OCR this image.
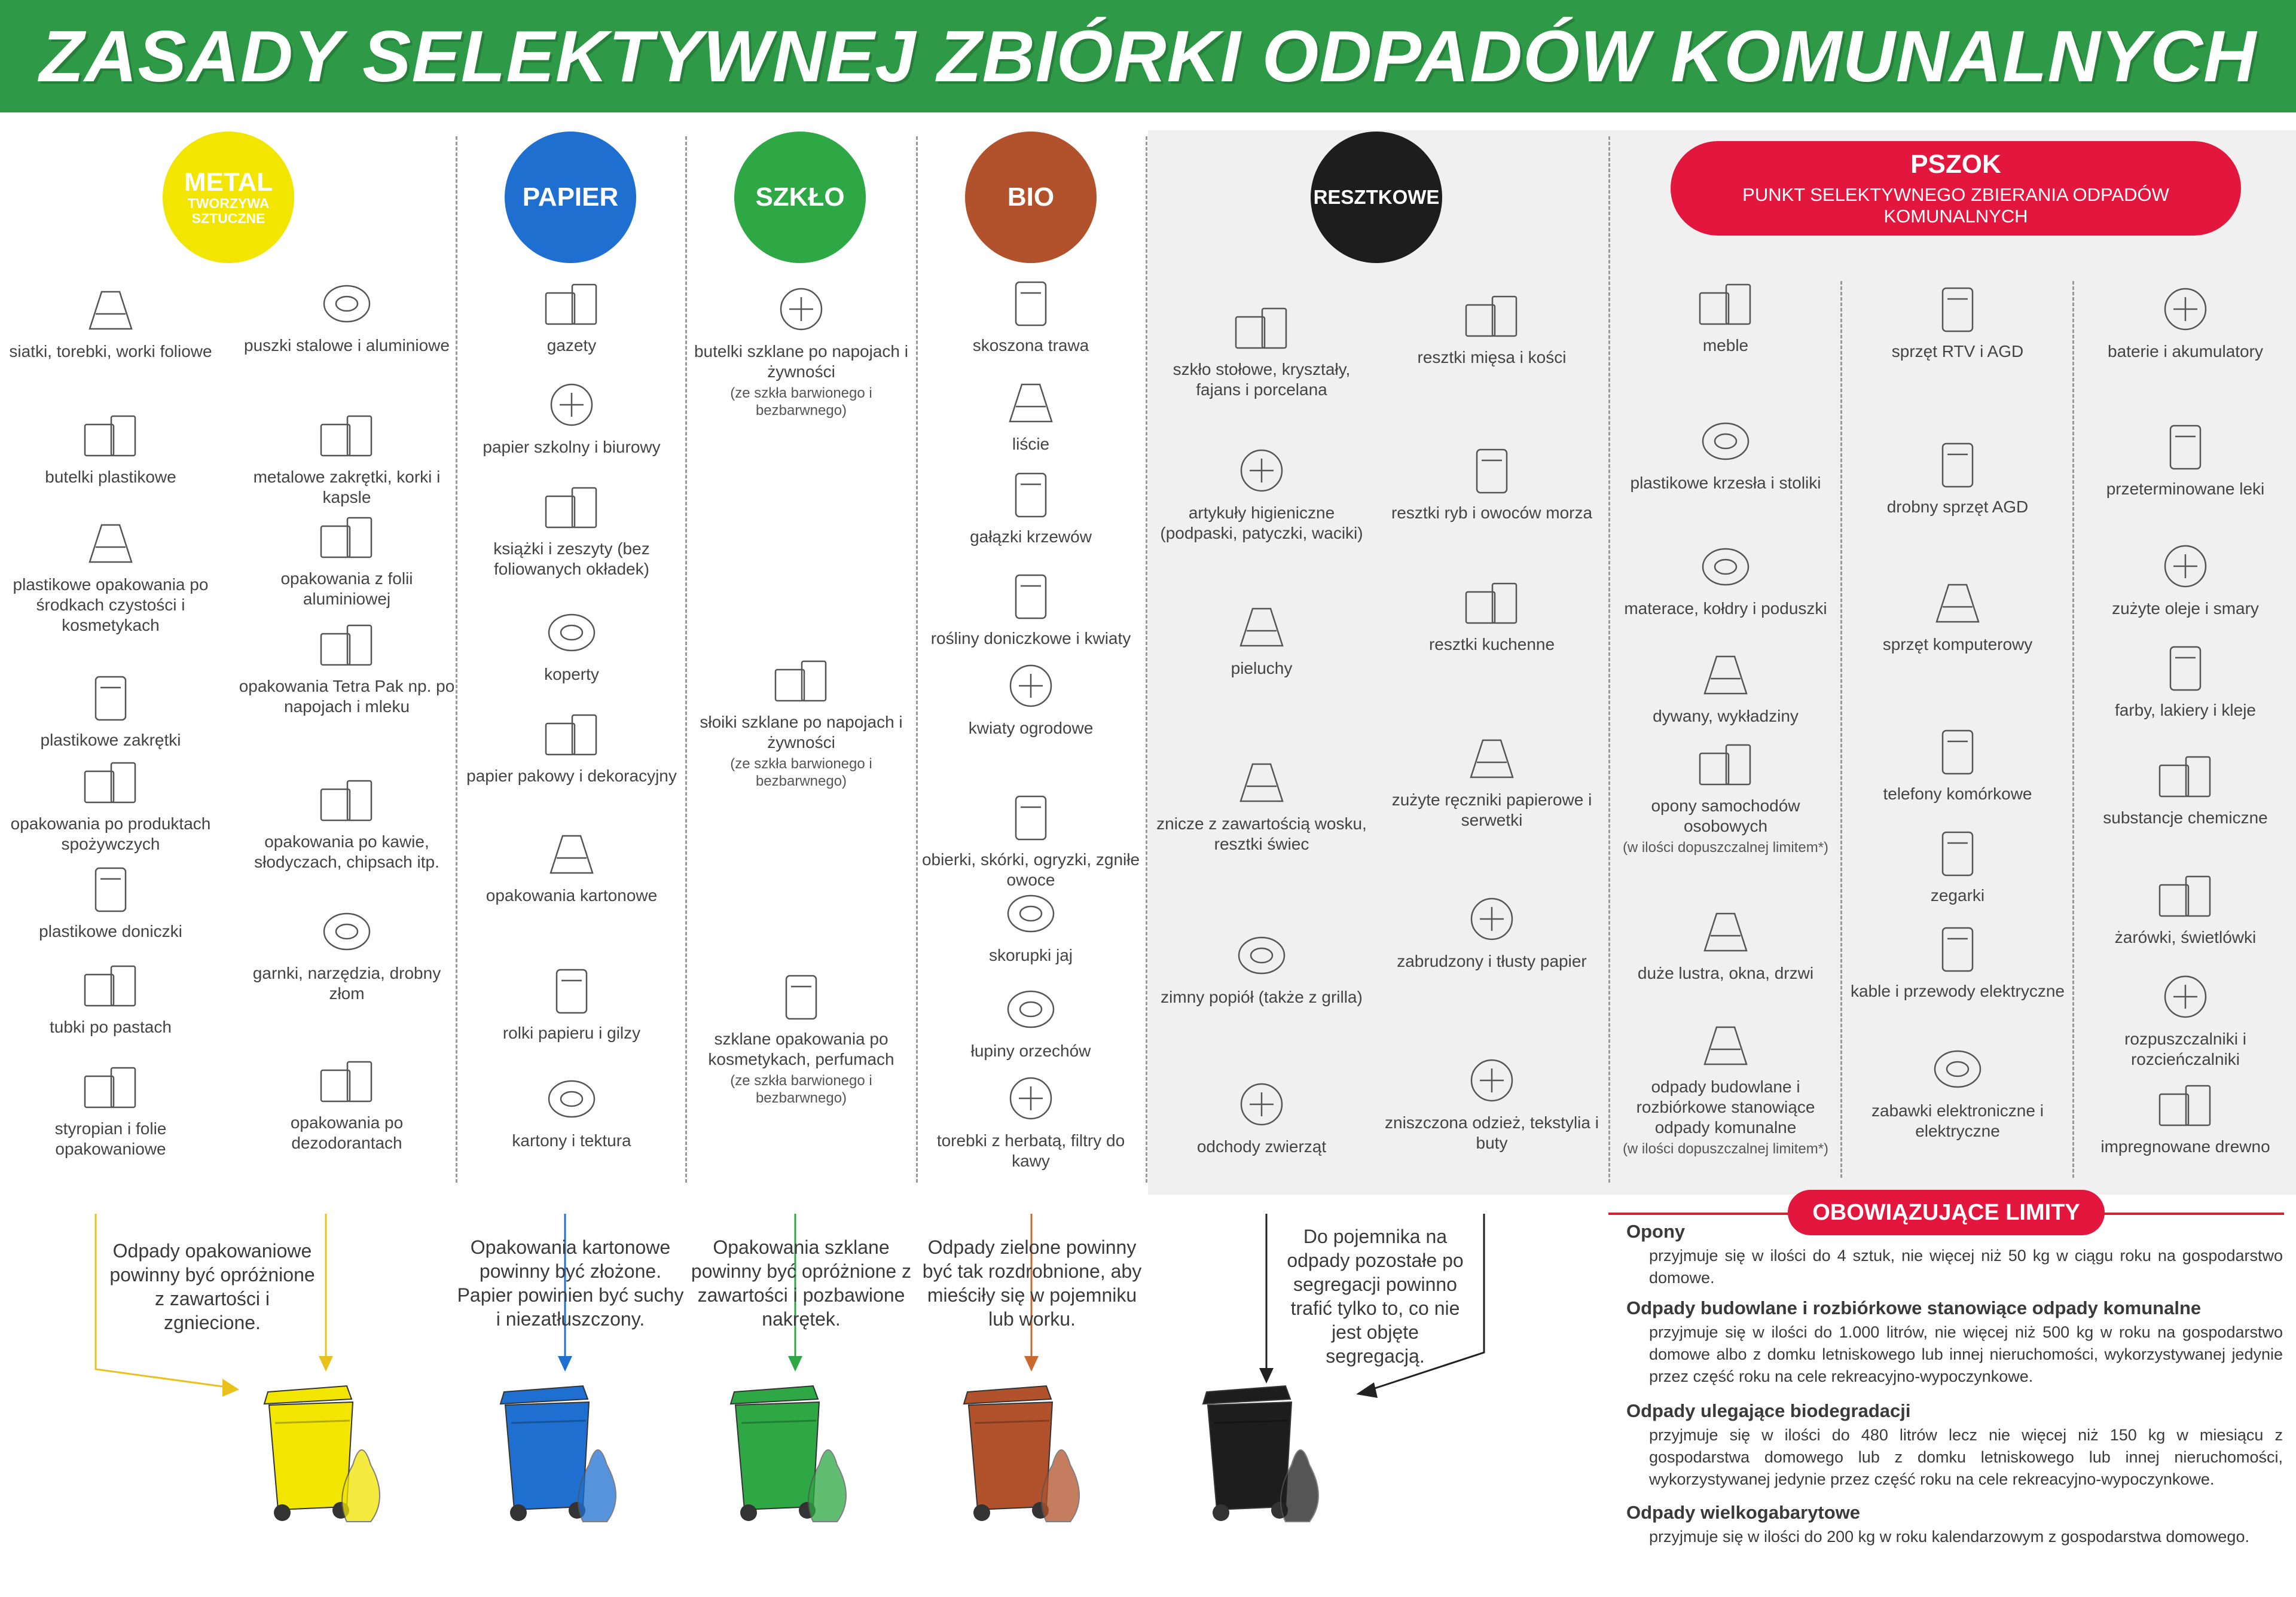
ZASADY SELEKTYWNEJ ZBIÓRKI ODPADÓW KOMUNALNYCH
METAL
TWORZYWA SZTUCZNE
PAPIER	SZKŁO	BIO	RESZTKOWE
PSZOK
PUNKT SELEKTYWNEGO ZBIERANIA ODPADÓW KOMUNALNYCH
siatki, torebki, worki foliowe
butelki plastikowe
plastikowe opakowania po środkach czystości i kosmetykach
plastikowe zakrętki
opakowania po produktach spożywczych
plastikowe doniczki
tubki po pastach
styropian i folie opakowaniowe
puszki stalowe i aluminiowe
metalowe zakrętki, korki i kapsle
opakowania z folii aluminiowej
opakowania Tetra Pak np. po napojach i mleku
opakowania po kawie, słodyczach, chipsach itp.
garnki, narzędzia, drobny złom
opakowania po dezodorantach
gazety
papier szkolny i biurowy
książki i zeszyty (bez foliowanych okładek)
koperty
papier pakowy i dekoracyjny
opakowania kartonowe
rolki papieru i gilzy
kartony i tektura
butelki szklane po napojach i żywności
(ze szkła barwionego i bezbarwnego)
słoiki szklane po napojach i żywności
(ze szkła barwionego i bezbarwnego)
szklane opakowania po kosmetykach, perfumach
(ze szkła barwionego i bezbarwnego)
skoszona trawa
liście
gałązki krzewów
rośliny doniczkowe i kwiaty
kwiaty ogrodowe
obierki, skórki, ogryzki, zgniłe owoce
skorupki jaj
łupiny orzechów
torebki z herbatą, filtry do kawy
szkło stołowe, kryształy, fajans i porcelana
artykuły higieniczne (podpaski, patyczki, waciki)
pieluchy
znicze z zawartością wosku, resztki świec
zimny popiół (także z grilla)
odchody zwierząt
resztki mięsa i kości
resztki ryb i owoców morza
resztki kuchenne
zużyte ręczniki papierowe i serwetki
zabrudzony i tłusty papier
zniszczona odzież, tekstylia i buty
meble
plastikowe krzesła i stoliki
materace, kołdry i poduszki
dywany, wykładziny
opony samochodów osobowych
(w ilości dopuszczalnej limitem*)
duże lustra, okna, drzwi
odpady budowlane i rozbiórkowe stanowiące odpady komunalne
(w ilości dopuszczalnej limitem*)
sprzęt RTV i AGD
drobny sprzęt AGD
sprzęt komputerowy
telefony komórkowe
zegarki
kable i przewody elektryczne
zabawki elektroniczne i elektryczne
baterie i akumulatory
przeterminowane leki
zużyte oleje i smary
farby, lakiery i kleje
substancje chemiczne
żarówki, świetlówki
rozpuszczalniki i rozcieńczalniki
impregnowane drewno
Odpady opakowaniowe powinny być opróżnione z zawartości i zgniecione.
Opakowania kartonowe powinny być złożone. Papier powinien być suchy i niezatłuszczony.
Opakowania szklane powinny być opróżnione z zawartości i pozbawione nakrętek.
Odpady zielone powinny być tak rozdrobnione, aby mieściły się w pojemniku lub worku.
Do pojemnika na odpady pozostałe po segregacji powinno trafić tylko to, co nie jest objęte segregacją.
OBOWIĄZUJĄCE LIMITY
Opony
przyjmuje się w ilości do 4 sztuk, nie więcej niż 50 kg w ciągu roku na gospodarstwo domowe.
Odpady budowlane i rozbiórkowe stanowiące odpady komunalne
przyjmuje się w ilości do 1.000 litrów, nie więcej niż 500 kg w roku na gospodarstwo domowe albo z domku letniskowego lub innej nieruchomości, wykorzystywanej jedynie przez część roku na cele rekreacyjno-wypoczynkowe.
Odpady ulegające biodegradacji
przyjmuje się w ilości do 480 litrów lecz nie więcej niż 150 kg w miesiącu z gospodarstwa domowego lub z domku letniskowego lub innej nieruchomości, wykorzystywanej jedynie przez część roku na cele rekreacyjno-wypoczynkowe.
Odpady wielkogabarytowe
przyjmuje się w ilości do 200 kg w roku kalendarzowym z gospodarstwa domowego.
